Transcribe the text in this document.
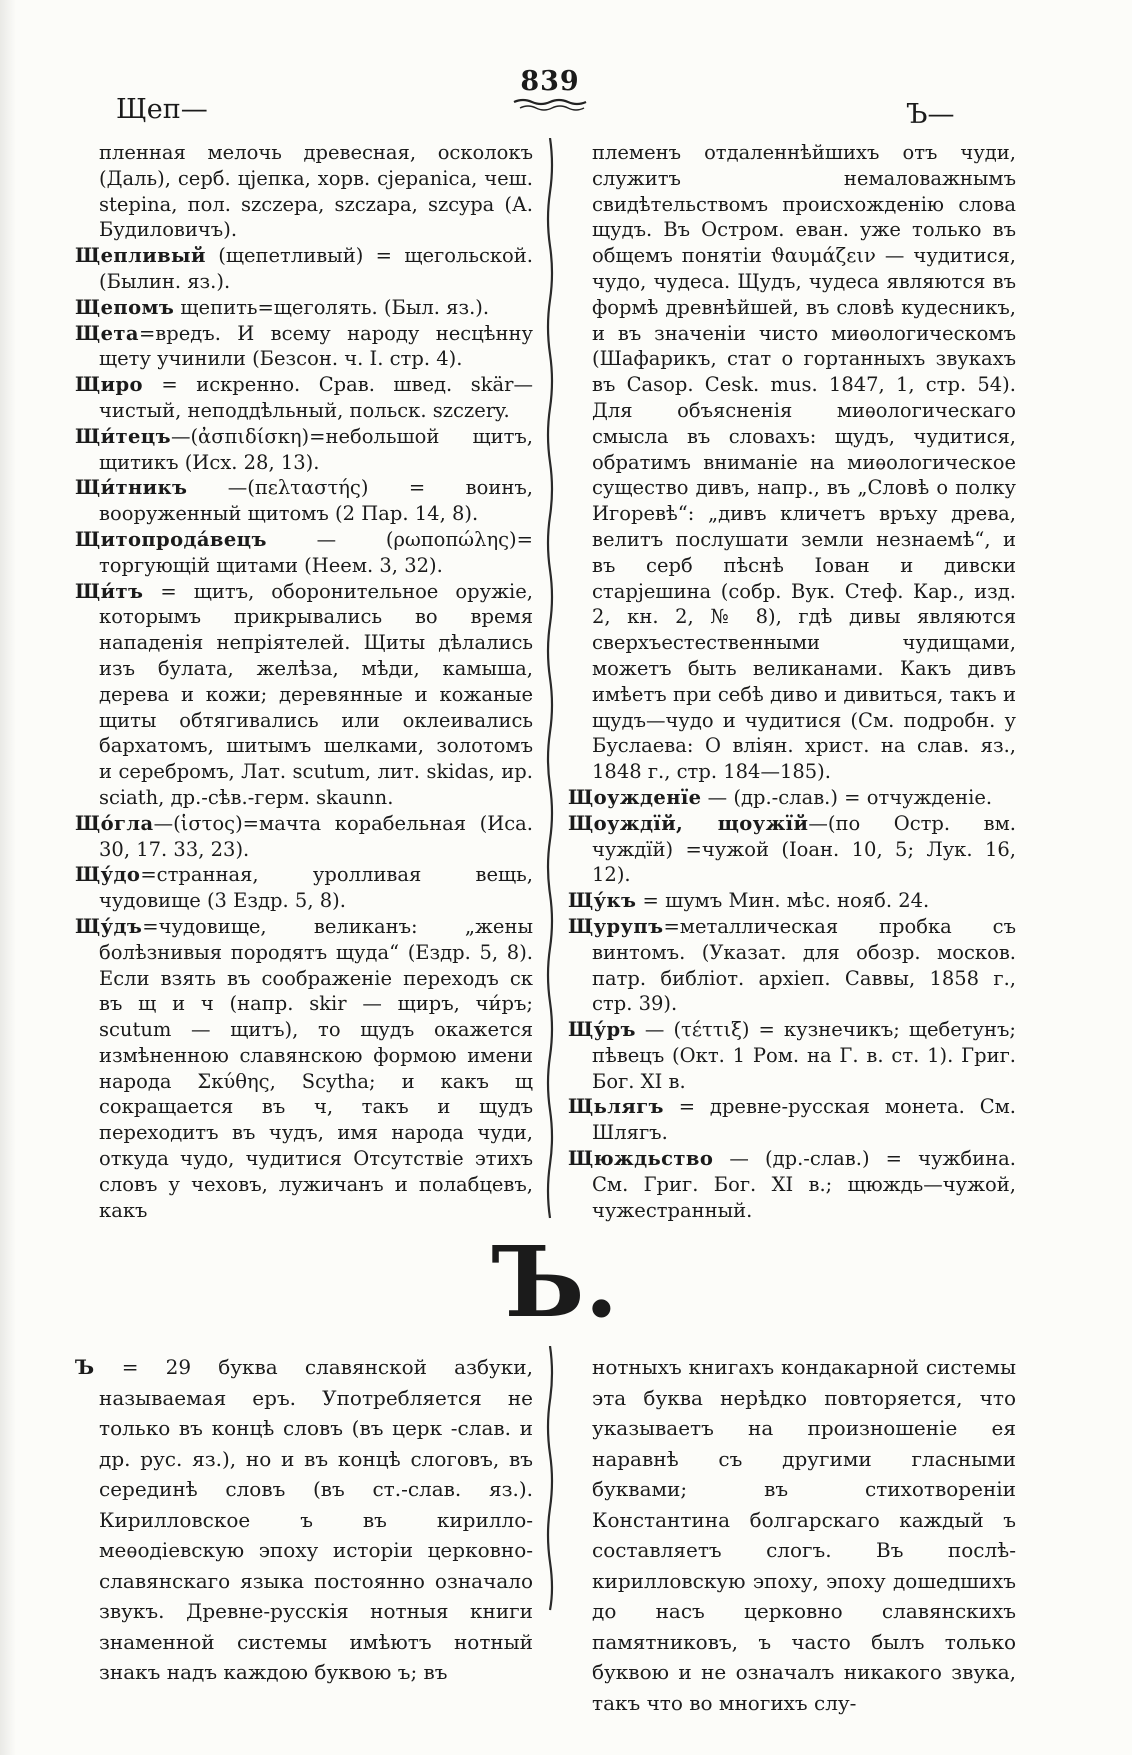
839
Щеп—	Ъ—

пленная мелочь древесная, осколокъ (Даль), серб. цјепка, хорв. cjepanica, чеш. stepina, пол. szczepa, szczapa, szcypa (А. Будиловичъ).

Щепливый (щепетливый) = щегольской. (Былин. яз.).

Щепомъ щепить=щеголять. (Был. яз.).

Щета=вредъ. И всему народу несцѣнну щету учинили (Безсон. ч. I. стр. 4).

Щиро = искренно. Срав. швед. skär—чистый, неподдѣльный, польск. szczery.

Щи́тецъ—(ἀσπιδίσκη)=небольшой щитъ, щитикъ (Исх. 28, 13).

Щи́тникъ —(πελταστής) = воинъ, вооруженный щитомъ (2 Пар. 14, 8).

Щитопрода́вецъ — (ρωποπώλης)= торгующій щитами (Неем. 3, 32).

Щи́тъ = щитъ, оборонительное оружіе, которымъ прикрывались во время нападенія непріятелей. Щиты дѣлались изъ булата, желѣза, мѣди, камыша, дерева и кожи; деревянные и кожаные щиты обтягивались или оклеивались бархатомъ, шитымъ шелками, золотомъ и серебромъ, Лат. scutum, лит. skidas, ир. sciath, др.-сѣв.-герм. skaunn.

Що́гла—(ἱστος)=мачта корабельная (Иса. 30, 17. 33, 23).

Щу́до=странная, уролливая вещь, чудовище (3 Ездр. 5, 8).

Щу́дъ=чудовище, великанъ: „жены болѣзнивыя породятъ щуда“ (Ездр. 5, 8). Если взять въ соображеніе переходъ ск въ щ и ч (напр. skir — щиръ, чи́ръ; scutum — щитъ), то щудъ окажется измѣненною славянскою формою имени народа Σκύθης, Scytha; и какъ щ сокращается въ ч, такъ и щудъ переходитъ въ чудъ, имя народа чуди, откуда чудо, чудитися Отсутствіе этихъ словъ у чеховъ, лужичанъ и полабцевъ, какъ

племенъ отдаленнѣйшихъ отъ чуди, служитъ немаловажнымъ свидѣтельствомъ происхожденію слова щудъ. Въ Остром. еван. уже только въ общемъ понятіи ϑαυμάζειν — чудитися, чудо, чудеса. Щудъ, чудеса являются въ формѣ древнѣйшей, въ словѣ кудесникъ, и въ значеніи чисто миѳологическомъ (Шафарикъ, стат о гортанныхъ звукахъ въ Casop. Cesk. mus. 1847, 1, стр. 54). Для объясненія миѳологическаго смысла въ словахъ: щудъ, чудитися, обратимъ вниманіе на миѳологическое существо дивъ, напр., въ „Словѣ о полку Игоревѣ“: „дивъ кличетъ връху древа, велитъ послушати земли незнаемѣ“, и въ серб пѣснѣ Іован и дивски старјешина (собр. Вук. Стеф. Кар., изд. 2, кн. 2, № 8), гдѣ дивы являются сверхъестественными чудищами, можетъ быть великанами. Какъ дивъ имѣетъ при себѣ диво и дивиться, такъ и щудъ—чудо и чудитися (См. подробн. у Буслаева: О вліян. христ. на слав. яз., 1848 г., стр. 184—185).

Щоужденїе — (др.-слав.) = отчужденіе.

Щоуждїй, щоужїй—(по Остр. вм. чуждїй) =чужой (Іоан. 10, 5; Лук. 16, 12).

Щу́къ = шумъ Мин. мѣс. нояб. 24.

Щурупъ=металлическая пробка съ винтомъ. (Указат. для обозр. москов. патр. библіот. архіеп. Саввы, 1858 г., стр. 39).

Щу́ръ — (τέττιξ) = кузнечикъ; щебетунъ; пѣвецъ (Окт. 1 Ром. на Г. в. ст. 1). Григ. Бог. XI в.

Щьлягъ = древне-русская монета. См. Шлягъ.

Щюждьство — (др.-слав.) = чужбина. См. Григ. Бог. XI в.; щюждь—чужой, чужестранный.

Ъ.

Ъ = 29 буква славянской азбуки, называемая еръ. Употребляется не только въ концѣ словъ (въ церк -слав. и др. рус. яз.), но и въ концѣ слоговъ, въ серединѣ словъ (въ ст.-слав. яз.). Кирилловское ъ въ кирилло-меѳодіевскую эпоху исторіи церковно-славянскаго языка постоянно означало звукъ. Древне-русскія нотныя книги знаменной системы имѣютъ нотный знакъ надъ каждою буквою ъ; въ

нотныхъ книгахъ кондакарной системы эта буква нерѣдко повторяется, что указываетъ на произношеніе ея наравнѣ съ другими гласными буквами; въ стихотвореніи Константина болгарскаго каждый ъ составляетъ слогъ. Въ послѣ-кирилловскую эпоху, эпоху дошедшихъ до насъ церковно славянскихъ памятниковъ, ъ часто былъ только буквою и не означалъ никакого звука, такъ что во многихъ слу-
